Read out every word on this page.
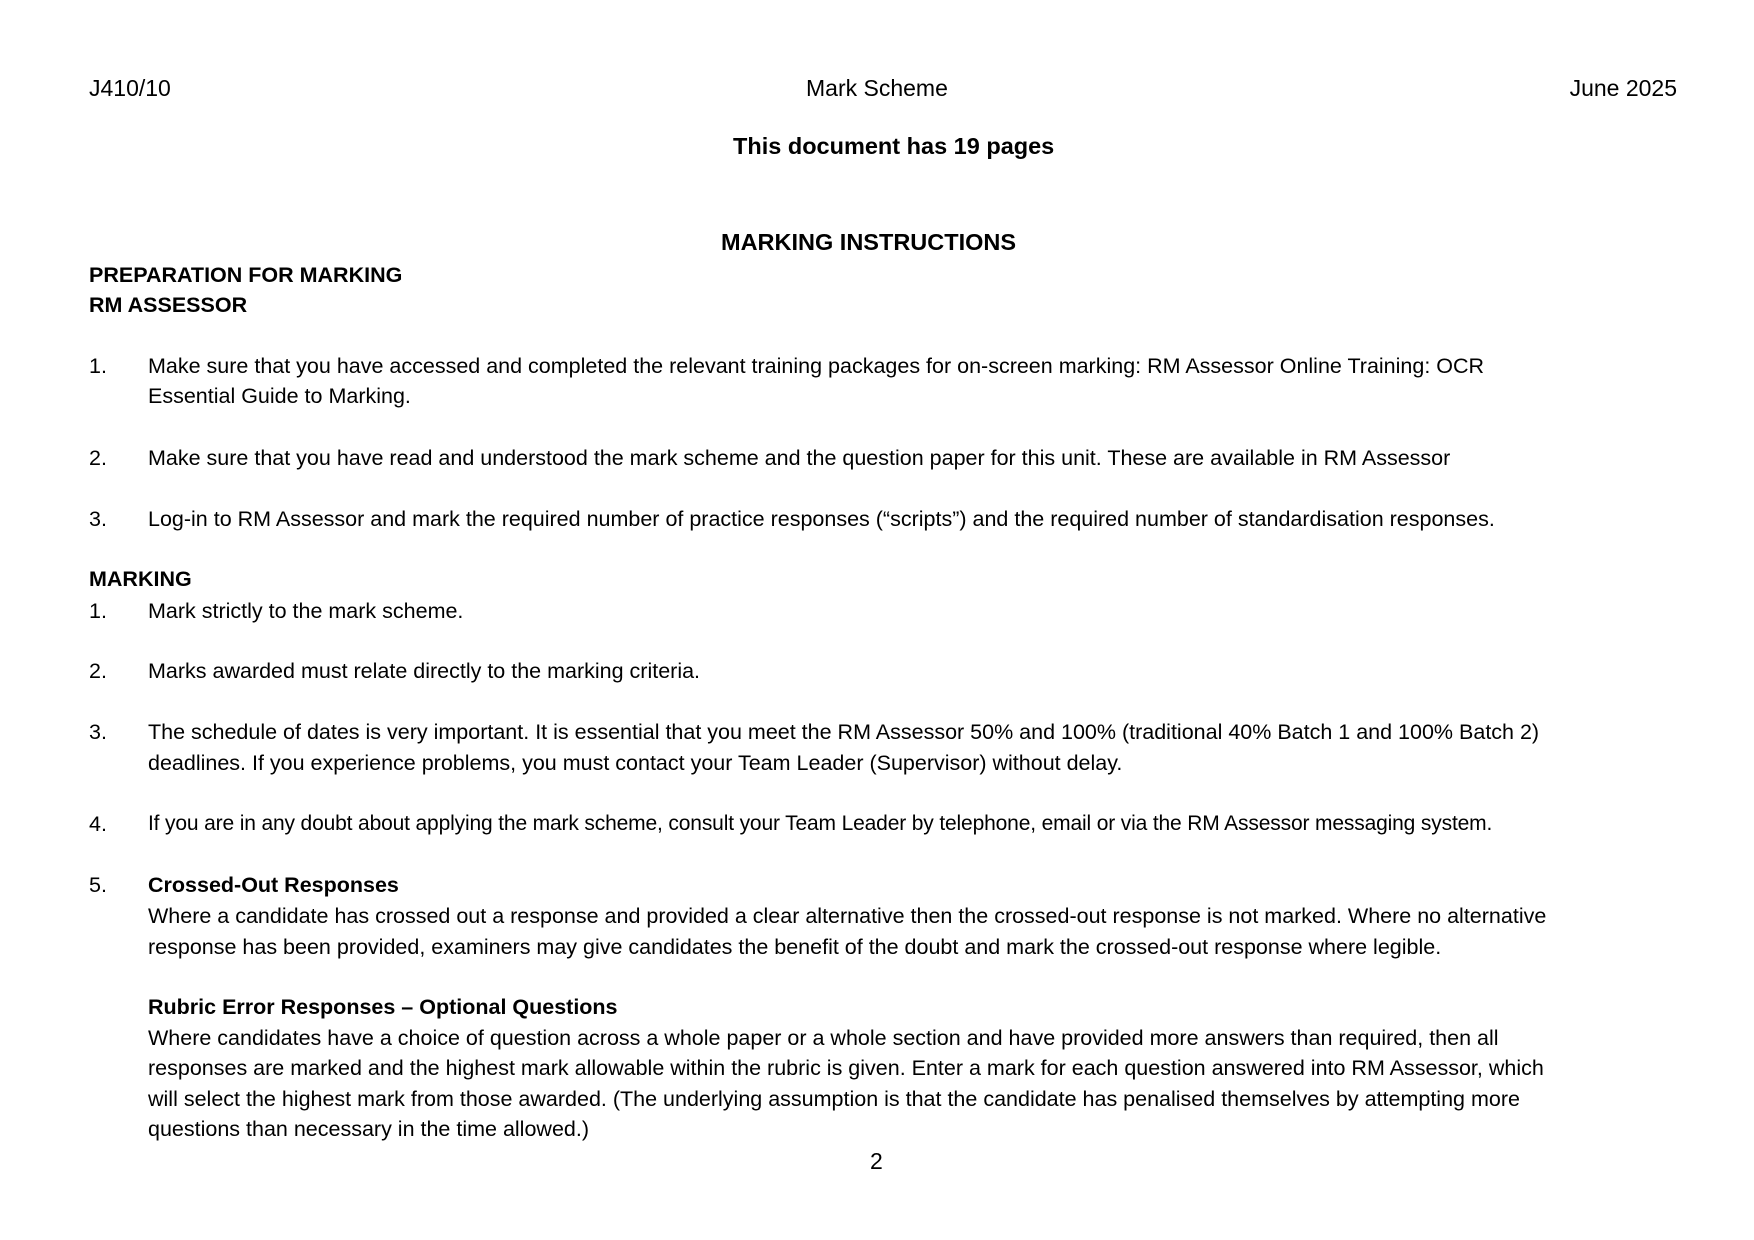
J410/10	Mark Scheme	June 2025
This document has 19 pages
MARKING INSTRUCTIONS
PREPARATION FOR MARKING
RM ASSESSOR
1. Make sure that you have accessed and completed the relevant training packages for on-screen marking: RM Assessor Online Training: OCR
Essential Guide to Marking.
2. Make sure that you have read and understood the mark scheme and the question paper for this unit. These are available in RM Assessor
3. Log-in to RM Assessor and mark the required number of practice responses (“scripts”) and the required number of standardisation responses.
MARKING
1. Mark strictly to the mark scheme.
2. Marks awarded must relate directly to the marking criteria.
3. The schedule of dates is very important. It is essential that you meet the RM Assessor 50% and 100% (traditional 40% Batch 1 and 100% Batch 2)
deadlines. If you experience problems, you must contact your Team Leader (Supervisor) without delay.
4. If you are in any doubt about applying the mark scheme, consult your Team Leader by telephone, email or via the RM Assessor messaging system.
5. Crossed-Out Responses
Where a candidate has crossed out a response and provided a clear alternative then the crossed-out response is not marked. Where no alternative
response has been provided, examiners may give candidates the benefit of the doubt and mark the crossed-out response where legible.
Rubric Error Responses – Optional Questions
Where candidates have a choice of question across a whole paper or a whole section and have provided more answers than required, then all
responses are marked and the highest mark allowable within the rubric is given. Enter a mark for each question answered into RM Assessor, which
will select the highest mark from those awarded. (The underlying assumption is that the candidate has penalised themselves by attempting more
questions than necessary in the time allowed.)
2
